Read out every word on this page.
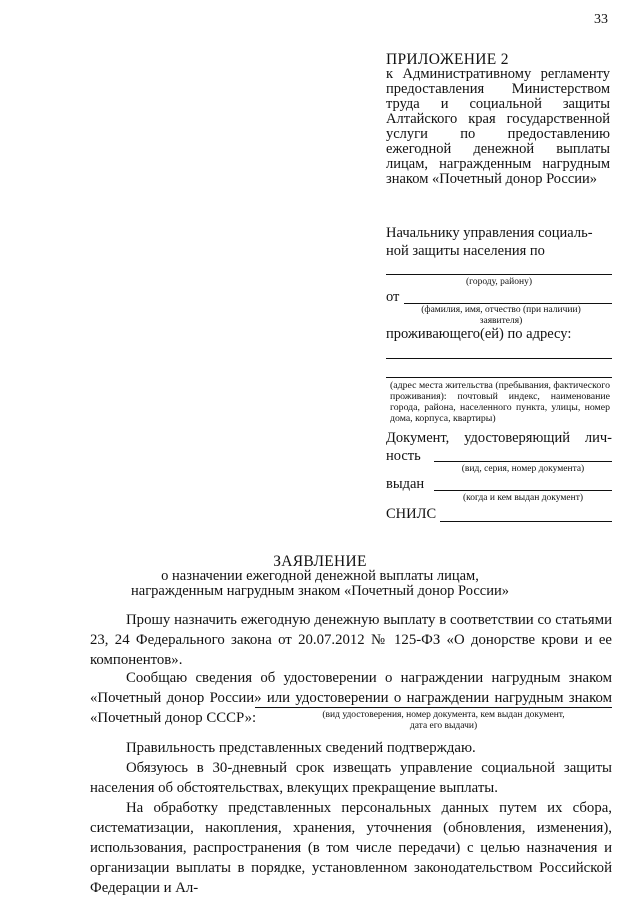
33
ПРИЛОЖЕНИЕ 2
к Административному регламенту предоставления Министерством труда и социальной защиты Алтайского края государственной услуги по предоставлению ежегодной денежной выплаты лицам, награжденным нагрудным знаком «Почетный донор России»
Начальнику управления социаль-
ной защиты населения по
(городу, району)
от
(фамилия, имя, отчество (при наличии)
заявителя)
проживающего(ей) по адресу:
(адрес места жительства (пребывания, фактического проживания): почтовый индекс, наименование города, района, населенного пункта, улицы, номер дома, корпуса, квартиры)
Документ, удостоверяющий лич-
ность
(вид, серия, номер документа)
выдан
(когда и кем выдан документ)
СНИЛС
ЗАЯВЛЕНИЕ
о назначении ежегодной денежной выплаты лицам,
награжденным нагрудным знаком «Почетный донор России»
Прошу назначить ежегодную денежную выплату в соответствии со статьями 23, 24 Федерального закона от 20.07.2012 № 125-ФЗ «О донорстве крови и ее компонентов».
Сообщаю сведения об удостоверении о награждении нагрудным знаком «Почетный донор России» или удостоверении о награждении нагрудным знаком «Почетный донор СССР»:	(вид удостоверения, номер документа, кем выдан документ,
дата его выдачи)
Правильность представленных сведений подтверждаю.
Обязуюсь в 30-дневный срок извещать управление социальной защиты населения об обстоятельствах, влекущих прекращение выплаты.
На обработку представленных персональных данных путем их сбора, систематизации, накопления, хранения, уточнения (обновления, изменения), использования, распространения (в том числе передачи) с целью назначения и организации выплаты в порядке, установленном законодательством Российской Федерации и Ал-
